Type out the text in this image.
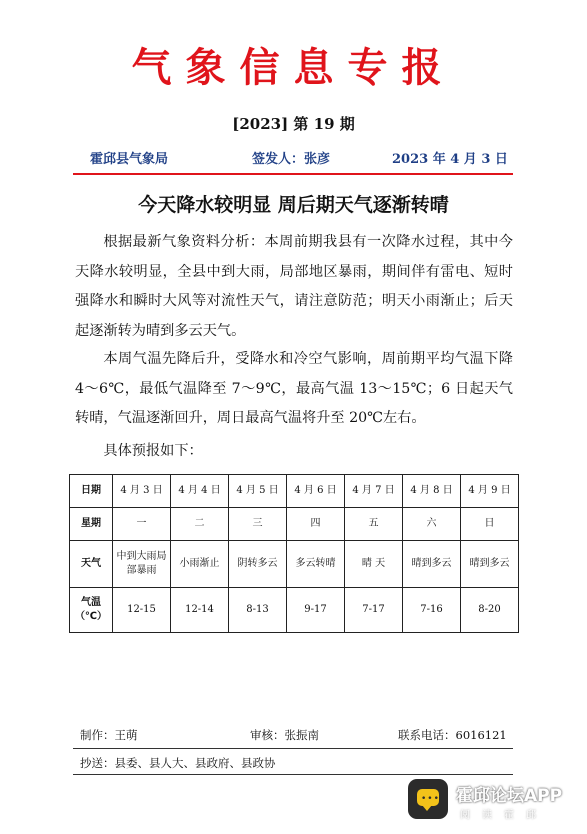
气象信息专报
[2023] 第 19 期
霍邱县气象局	签发人：张彦	2023 年 4 月 3 日
今天降水较明显 周后期天气逐渐转晴

根据最新气象资料分析：本周前期我县有一次降水过程，其中今天降水较明显，全县中到大雨，局部地区暴雨，期间伴有雷电、短时强降水和瞬时大风等对流性天气，请注意防范；明天小雨渐止；后天起逐渐转为晴到多云天气。

本周气温先降后升，受降水和冷空气影响，周前期平均气温下降 4～6℃，最低气温降至 7～9℃，最高气温 13～15℃；6 日起天气转晴，气温逐渐回升，周日最高气温将升至 20℃左右。

具体预报如下：

日期	4 月 3 日	4 月 4 日	4 月 5 日	4 月 6 日	4 月 7 日	4 月 8 日	4 月 9 日
星期	一	二	三	四	五	六	日
天气	中到大雨局部暴雨	小雨渐止	阴转多云	多云转晴	晴 天	晴到多云	晴到多云
气温（℃）	12-15	12-14	8-13	9-17	7-17	7-16	8-20
制作：王萌	审核：张振南	联系电话：6016121
抄送：县委、县人大、县政府、县政协
••• 霍邱论坛APP
阅读霍邱
